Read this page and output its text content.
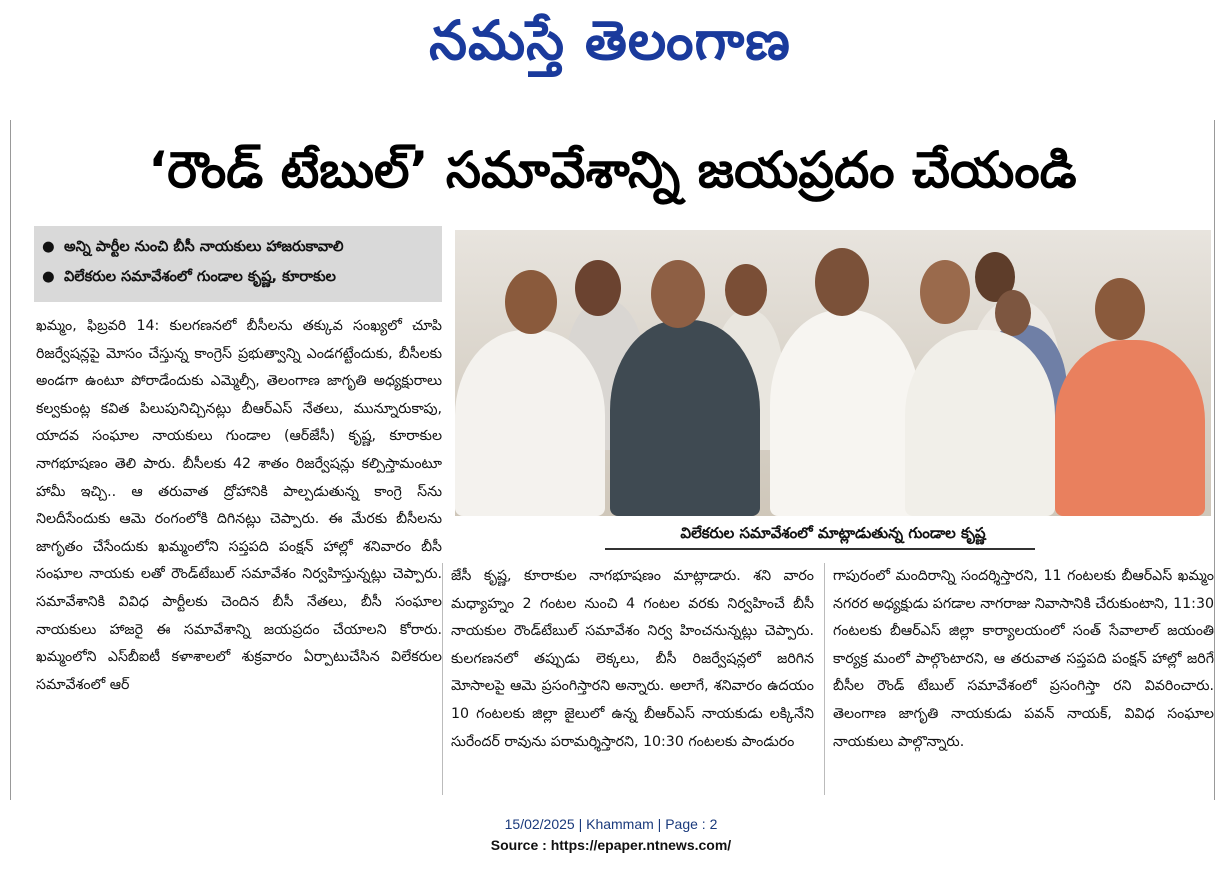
నమస్తే తెలంగాణ
‘రౌండ్ టేబుల్’ సమావేశాన్ని జయప్రదం చేయండి
● అన్ని పార్టీల నుంచి బీసీ నాయకులు హాజరుకావాలి
● విలేకరుల సమావేశంలో గుండాల కృష్ణ, కూరాకుల
విలేకరుల సమావేశంలో మాట్లాడుతున్న గుండాల కృష్ణ
ఖమ్మం, ఫిబ్రవరి 14: కులగణనలో బీసీలను తక్కువ సంఖ్యలో చూపి రిజర్వేషన్లపై మోసం చేస్తున్న కాంగ్రెస్ ప్రభుత్వాన్ని ఎండగట్టేందుకు, బీసీలకు అండగా ఉంటూ పోరాడేందుకు ఎమ్మెల్సీ, తెలంగాణ జాగృతి అధ్యక్షురాలు కల్వకుంట్ల కవిత పిలుపునిచ్చినట్లు బీఆర్ఎస్ నేతలు, మున్నూరుకాపు, యాదవ సంఘాల నాయకులు గుండాల (ఆర్‌జేసీ) కృష్ణ, కూరాకుల నాగభూషణం తెలి పారు. బీసీలకు 42 శాతం రిజర్వేషన్లు కల్పిస్తామంటూ హామీ ఇచ్చి.. ఆ తరువాత ద్రోహానికి పాల్పడుతున్న కాంగ్రె స్‌ను నిలదీసేందుకు ఆమె రంగంలోకి దిగినట్లు చెప్పారు. ఈ మేరకు బీసీలను జాగృతం చేసేందుకు ఖమ్మంలోని సప్తపది పంక్షన్ హాల్లో శనివారం బీసీ సంఘాల నాయకు లతో రౌండ్‌టేబుల్ సమావేశం నిర్వహిస్తున్నట్లు చెప్పారు. సమావేశానికి వివిధ పార్టీలకు చెందిన బీసీ నేతలు, బీసీ సంఘాల నాయకులు హాజరై ఈ సమావేశాన్ని జయప్రదం చేయాలని కోరారు. ఖమ్మంలోని ఎస్‌బీఐటీ కళాశాలలో శుక్రవారం ఏర్పాటుచేసిన విలేకరుల సమావేశంలో ఆర్
జేసీ కృష్ణ, కూరాకుల నాగభూషణం మాట్లాడారు. శని వారం మధ్యాహ్నం 2 గంటల నుంచి 4 గంటల వరకు నిర్వహించే బీసీ నాయకుల రౌండ్‌టేబుల్ సమావేశం నిర్వ హించనున్నట్లు చెప్పారు. కులగణనలో తప్పుడు లెక్కలు, బీసీ రిజర్వేషన్లలో జరిగిన మోసాలపై ఆమె ప్రసంగిస్తారని అన్నారు. అలాగే, శనివారం ఉదయం 10 గంటలకు జిల్లా జైలులో ఉన్న బీఆర్ఎస్ నాయకుడు లక్కినేని సురేందర్ రావును పరామర్శిస్తారని, 10:30 గంటలకు పాండురం
గాపురంలో మందిరాన్ని సందర్శిస్తారని, 11 గంటలకు బీఆర్ఎస్ ఖమ్మం నగరర అధ్యక్షుడు పగడాల నాగరాజు నివాసానికి చేరుకుంటాని, 11:30 గంటలకు బీఆర్ఎస్ జిల్లా కార్యాలయంలో సంత్ సేవాలాల్ జయంతి కార్యక్ర మంలో పాల్గొంటారని, ఆ తరువాత సప్తపది పంక్షన్ హాల్లో జరిగే బీసీల రౌండ్ టేబుల్ సమావేశంలో ప్రసంగిస్తా రని వివరించారు. తెలంగాణ జాగృతి నాయకుడు పవన్ నాయక్, వివిధ సంఘాల నాయకులు పాల్గొన్నారు.
15/02/2025 | Khammam | Page : 2
Source : https://epaper.ntnews.com/
